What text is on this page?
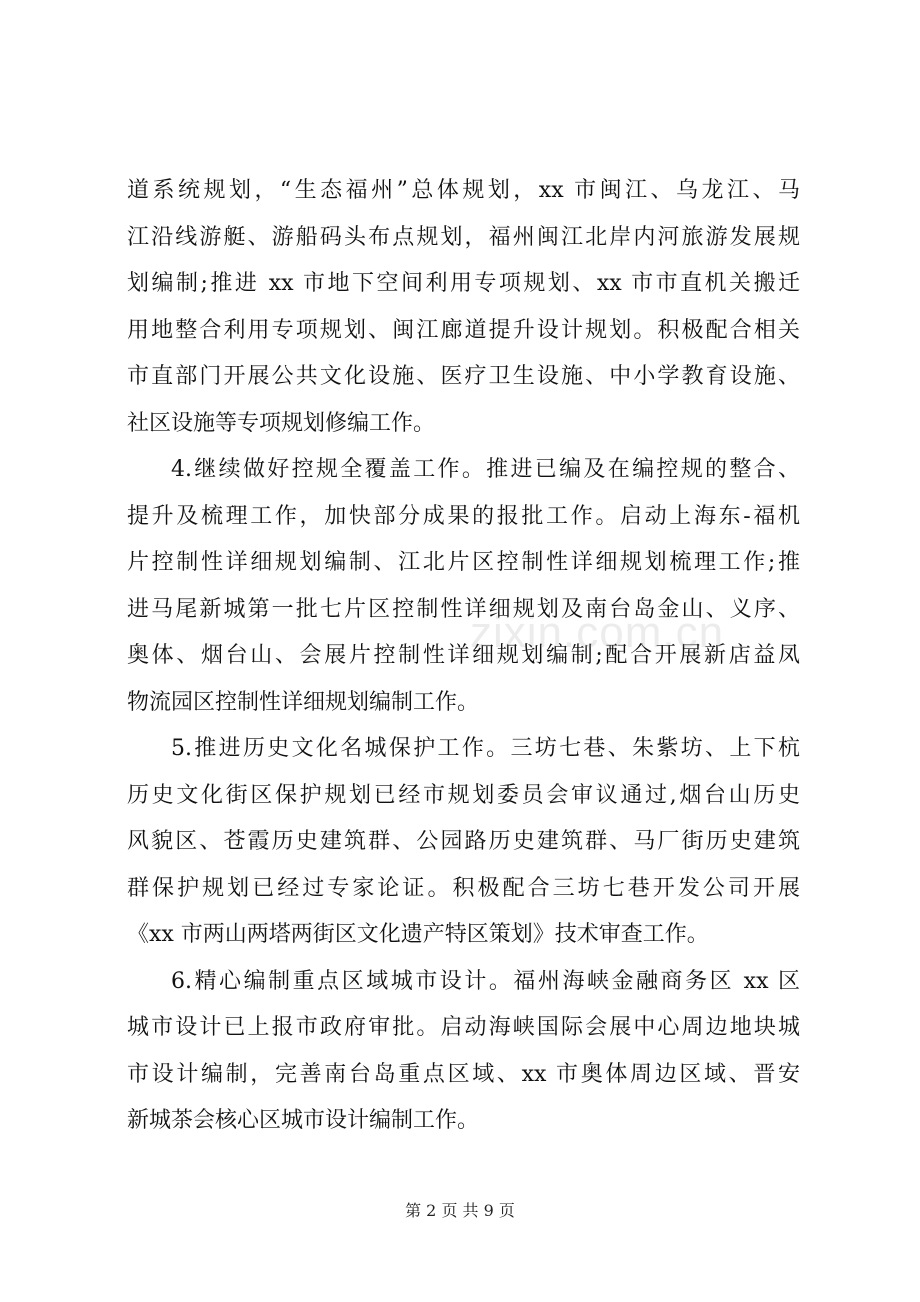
道系统规划，“生态福州”总体规划，xx 市闽江、乌龙江、马
江沿线游艇、游船码头布点规划，福州闽江北岸内河旅游发展规
划编制;推进 xx 市地下空间利用专项规划、xx 市市直机关搬迁
用地整合利用专项规划、闽江廊道提升设计规划。积极配合相关
市直部门开展公共文化设施、医疗卫生设施、中小学教育设施、
社区设施等专项规划修编工作。
4.继续做好控规全覆盖工作。推进已编及在编控规的整合、
提升及梳理工作，加快部分成果的报批工作。启动上海东-福机
片控制性详细规划编制、江北片区控制性详细规划梳理工作;推
进马尾新城第一批七片区控制性详细规划及南台岛金山、义序、
奥体、烟台山、会展片控制性详细规划编制;配合开展新店益凤
物流园区控制性详细规划编制工作。
5.推进历史文化名城保护工作。三坊七巷、朱紫坊、上下杭
历史文化街区保护规划已经市规划委员会审议通过,烟台山历史
风貌区、苍霞历史建筑群、公园路历史建筑群、马厂街历史建筑
群保护规划已经过专家论证。积极配合三坊七巷开发公司开展
《xx 市两山两塔两街区文化遗产特区策划》技术审查工作。
6.精心编制重点区域城市设计。福州海峡金融商务区 xx 区
城市设计已上报市政府审批。启动海峡国际会展中心周边地块城
市设计编制，完善南台岛重点区域、xx 市奥体周边区域、晋安
新城茶会核心区城市设计编制工作。
zixin.com.cn
第 2 页 共 9 页
